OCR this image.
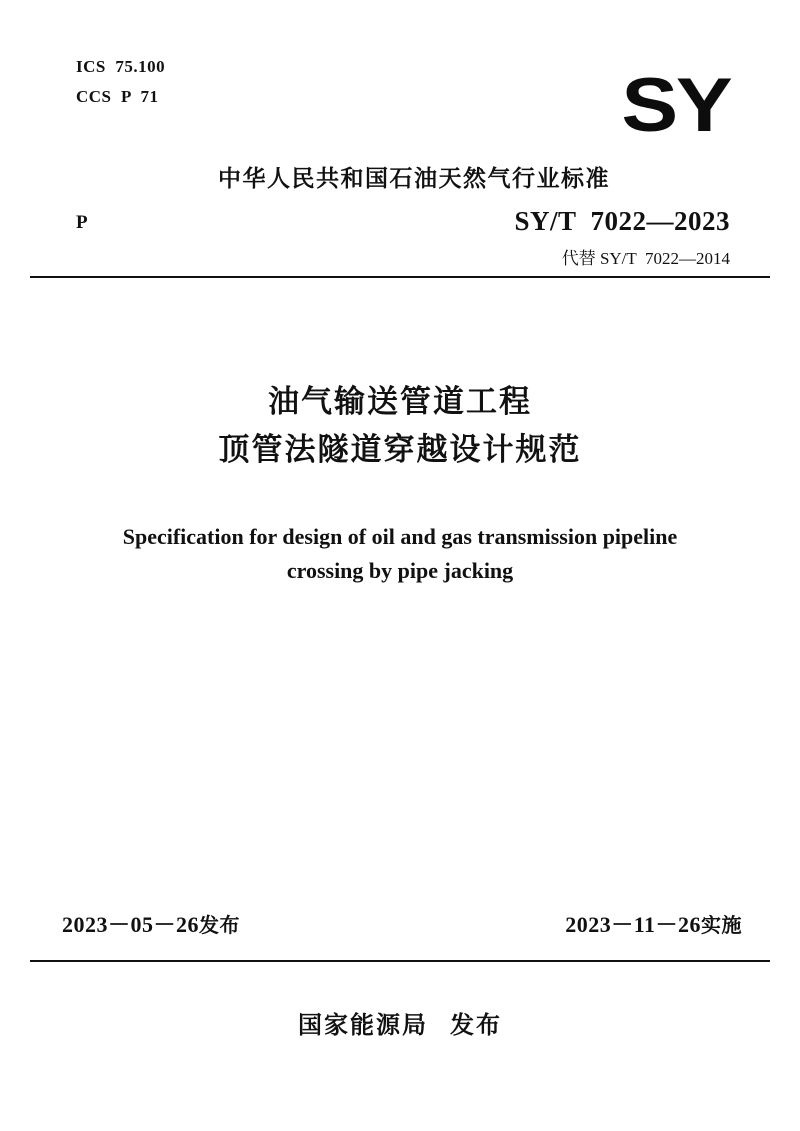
ICS  75.100
CCS  P  71	SY
中华人民共和国石油天然气行业标准
P	SY/T  7022—2023
代替 SY/T  7022—2014
油气输送管道工程
顶管法隧道穿越设计规范
Specification for design of oil and gas transmission pipeline
crossing by pipe jacking
2023－05－26发布	2023－11－26实施
国家能源局 发布
